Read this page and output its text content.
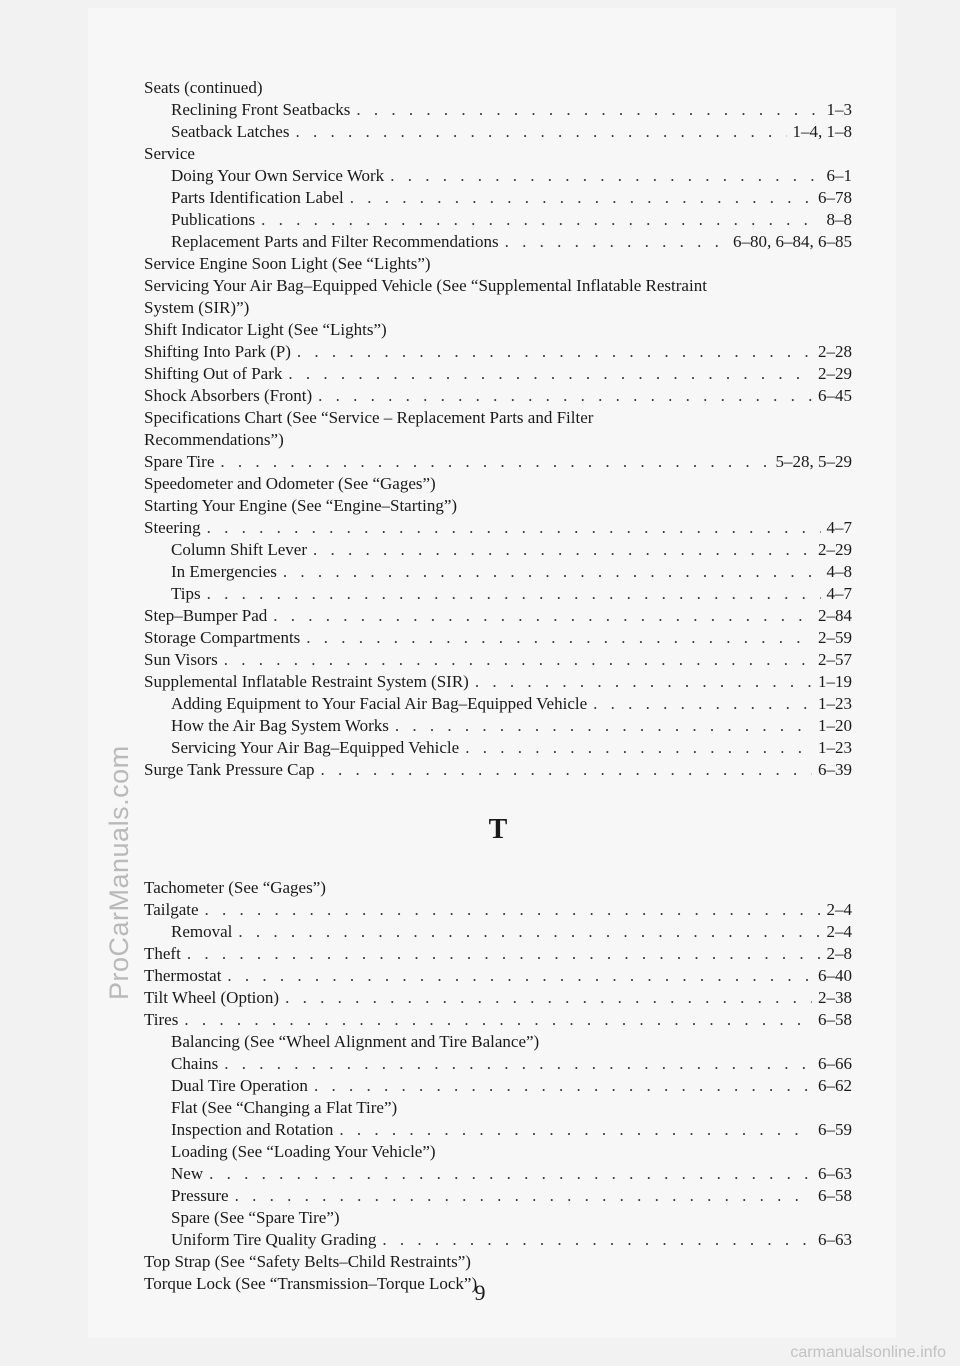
ProCarManuals.com
Seats (continued)
Reclining Front Seatbacks . . .	1–3
Seatback Latches . . .	1–4, 1–8
Service
Doing Your Own Service Work . . .	6–1
Parts Identification Label . . .	6–78
Publications . . .	8–8
Replacement Parts and Filter Recommendations . . .	6–80, 6–84, 6–85
Service Engine Soon Light (See “Lights”)
Servicing Your Air Bag–Equipped Vehicle (See “Supplemental Inflatable Restraint
System (SIR)”)
Shift Indicator Light (See “Lights”)
Shifting Into Park (P) . . .	2–28
Shifting Out of Park . . .	2–29
Shock Absorbers (Front) . . .	6–45
Specifications Chart (See “Service – Replacement Parts and Filter
Recommendations”)
Spare Tire . . .	5–28, 5–29
Speedometer and Odometer (See “Gages”)
Starting Your Engine (See “Engine–Starting”)
Steering . . .	4–7
Column Shift Lever . . .	2–29
In Emergencies . . .	4–8
Tips . . .	4–7
Step–Bumper Pad . . .	2–84
Storage Compartments . . .	2–59
Sun Visors . . .	2–57
Supplemental Inflatable Restraint System (SIR) . . .	1–19
Adding Equipment to Your Facial Air Bag–Equipped Vehicle . . .	1–23
How the Air Bag System Works . . .	1–20
Servicing Your Air Bag–Equipped Vehicle . . .	1–23
Surge Tank Pressure Cap . . .	6–39
T
Tachometer (See “Gages”)
Tailgate . . .	2–4
Removal . . .	2–4
Theft . . .	2–8
Thermostat . . .	6–40
Tilt Wheel (Option) . . .	2–38
Tires . . .	6–58
Balancing (See “Wheel Alignment and Tire Balance”)
Chains . . .	6–66
Dual Tire Operation . . .	6–62
Flat (See “Changing a Flat Tire”)
Inspection and Rotation . . .	6–59
Loading (See “Loading Your Vehicle”)
New . . .	6–63
Pressure . . .	6–58
Spare (See “Spare Tire”)
Uniform Tire Quality Grading . . .	6–63
Top Strap (See “Safety Belts–Child Restraints”)
Torque Lock (See “Transmission–Torque Lock”)
9
carmanualsonline.info
